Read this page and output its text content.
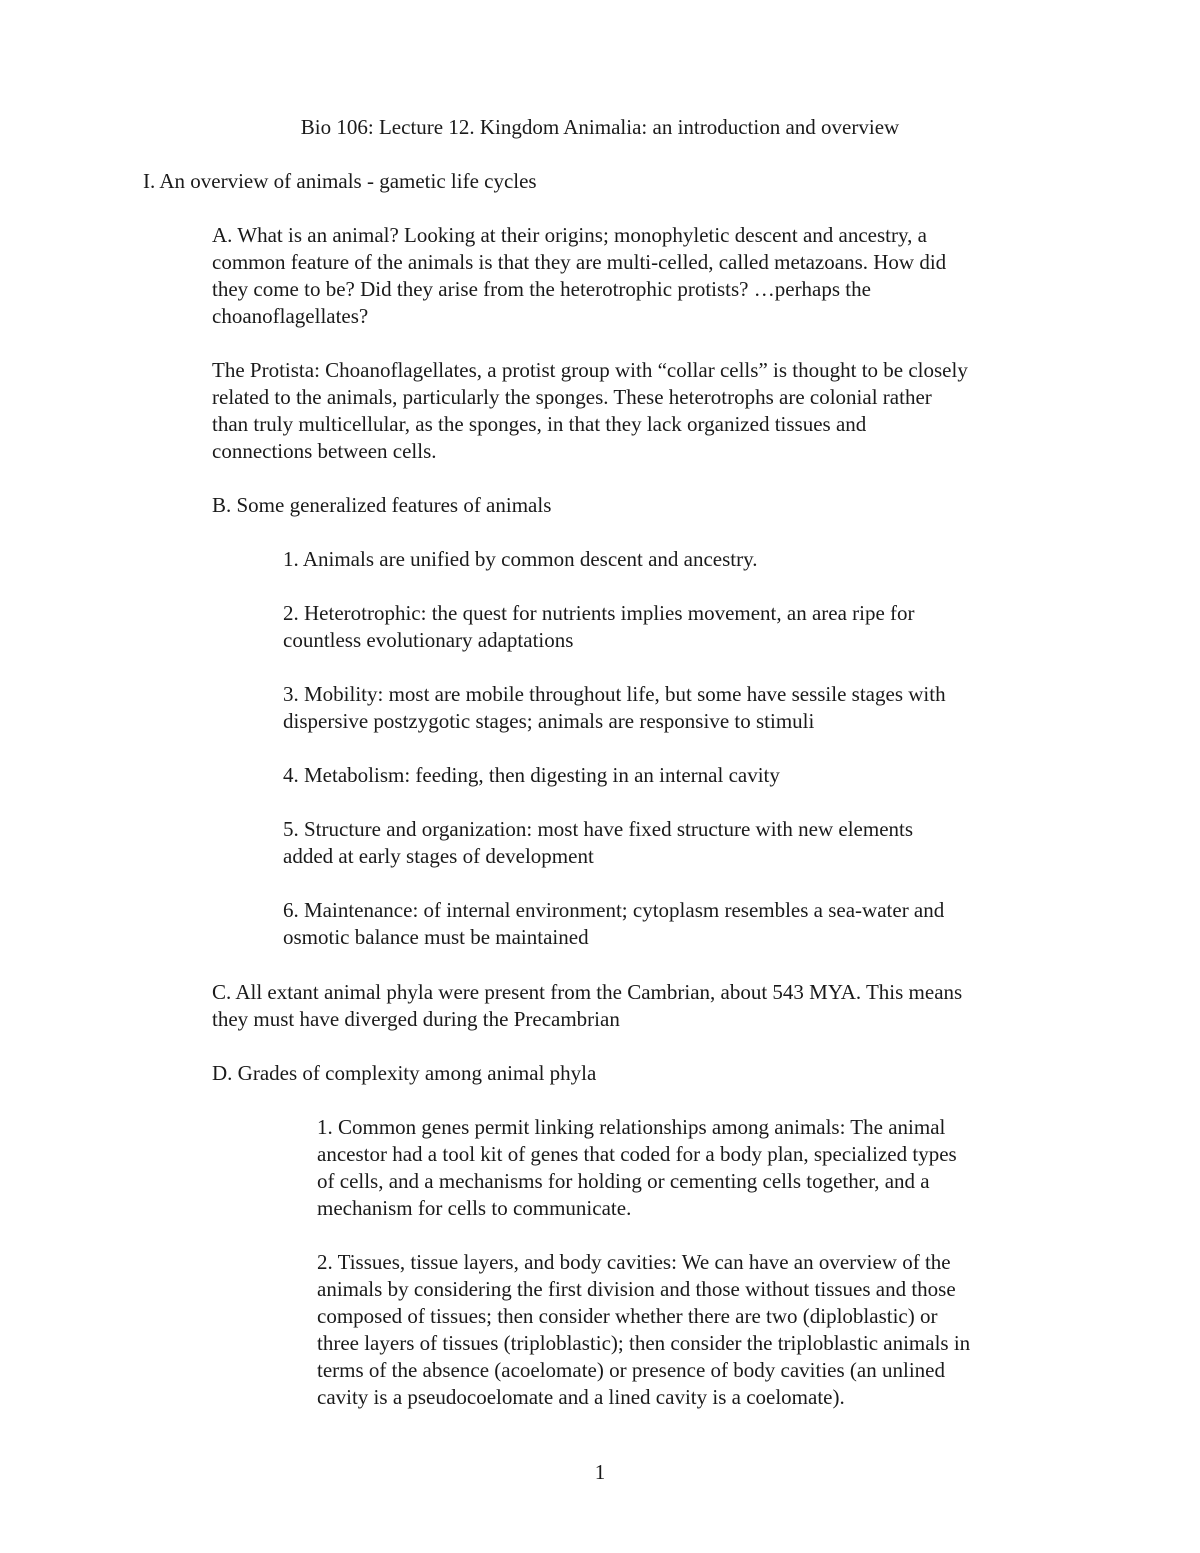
Bio 106: Lecture 12. Kingdom Animalia: an introduction and overview

I. An overview of animals - gametic life cycles

A. What is an animal? Looking at their origins; monophyletic descent and ancestry, a
common feature of the animals is that they are multi-celled, called metazoans. How did
they come to be? Did they arise from the heterotrophic protists? …perhaps the
choanoflagellates?

The Protista: Choanoflagellates, a protist group with “collar cells” is thought to be closely
related to the animals, particularly the sponges. These heterotrophs are colonial rather
than truly multicellular, as the sponges, in that they lack organized tissues and
connections between cells.

B. Some generalized features of animals

1. Animals are unified by common descent and ancestry.

2. Heterotrophic: the quest for nutrients implies movement, an area ripe for
countless evolutionary adaptations

3. Mobility: most are mobile throughout life, but some have sessile stages with
dispersive postzygotic stages; animals are responsive to stimuli

4. Metabolism: feeding, then digesting in an internal cavity

5. Structure and organization: most have fixed structure with new elements
added at early stages of development

6. Maintenance: of internal environment; cytoplasm resembles a sea-water and
osmotic balance must be maintained

C. All extant animal phyla were present from the Cambrian, about 543 MYA. This means
they must have diverged during the Precambrian

D. Grades of complexity among animal phyla

1. Common genes permit linking relationships among animals: The animal
ancestor had a tool kit of genes that coded for a body plan, specialized types
of cells, and a mechanisms for holding or cementing cells together, and a
mechanism for cells to communicate.

2. Tissues, tissue layers, and body cavities: We can have an overview of the
animals by considering the first division and those without tissues and those
composed of tissues; then consider whether there are two (diploblastic) or
three layers of tissues (triploblastic); then consider the triploblastic animals in
terms of the absence (acoelomate) or presence of body cavities (an unlined
cavity is a pseudocoelomate and a lined cavity is a coelomate).

1
